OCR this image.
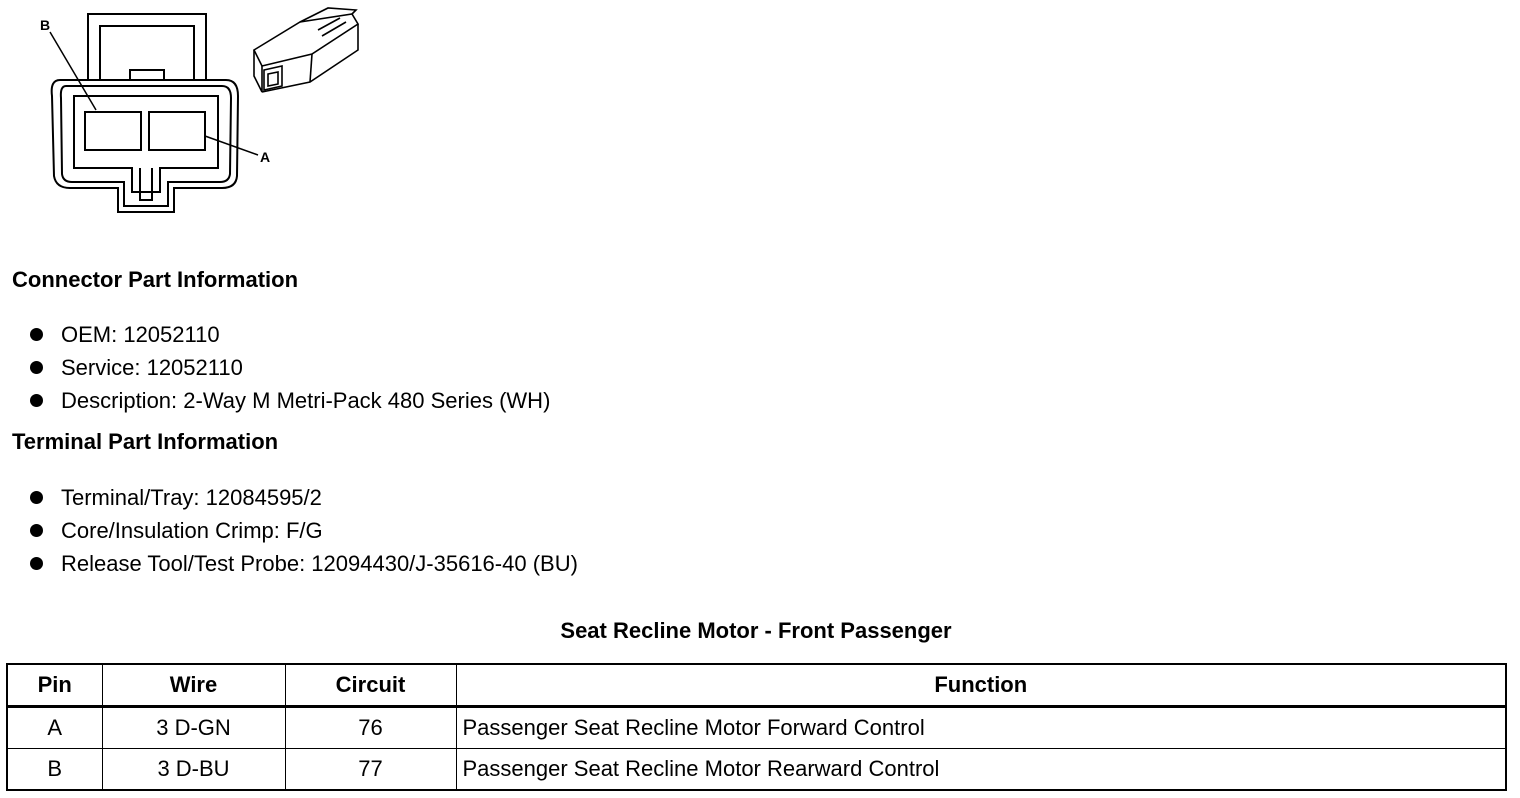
B
A
Connector Part Information
OEM: 12052110
Service: 12052110
Description: 2-Way M Metri-Pack 480 Series (WH)
Terminal Part Information
Terminal/Tray: 12084595/2
Core/Insulation Crimp: F/G
Release Tool/Test Probe: 12094430/J-35616-40 (BU)
Seat Recline Motor - Front Passenger
Pin	Wire	Circuit	Function
A	3 D-GN	76	Passenger Seat Recline Motor Forward Control
B	3 D-BU	77	Passenger Seat Recline Motor Rearward Control
